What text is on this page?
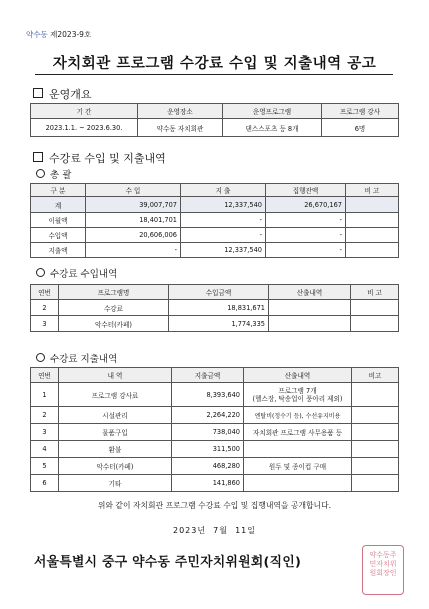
약수동 제2023-9호
자치회관 프로그램 수강료 수입 및 지출내역 공고
운영개요
기 간	운영장소	운영프로그램	프로그램 강사
2023.1.1. ~ 2023.6.30.	약수동 자치회관	댄스스포츠 등 8개	6명
수강료 수입 및 지출내역
총 괄
구 분	수 입	지 출	집행잔액	비 고
계	39,007,707	12,337,540	26,670,167	
이월액	18,401,701	-	-	
수입액	20,606,006	-	-	
지출액	-	12,337,540	-	
수강료 수입내역
연번	프로그램명	수입금액	산출내역	비 고
2	수강료	18,831,671		
3	악수터(카페)	1,774,335		
수강료 지출내역
연번	내 역	지출금액	산출내역	비고
1	프로그램 강사료	8,393,640	프로그램 7개
(헬스장, 탁송업이 풍아리 제외)	
2	시설관리	2,264,220	엔탈비(정수기 등), 수선유지비용	
3	물품구입	738,040	자치회관 프로그램 사무용품 등	
4	환불	311,500		
5	악수터(카페)	468,280	원두 및 종이컵 구매	
6	기타	141,860		
위와 같이 자치회관 프로그램 수강료 수입 및 집행내역을 공개합니다.
2023년  7월  11일
서울특별시 중구 약수동 주민자치위원회(직인)	약수동주
민자치위
원회장인
